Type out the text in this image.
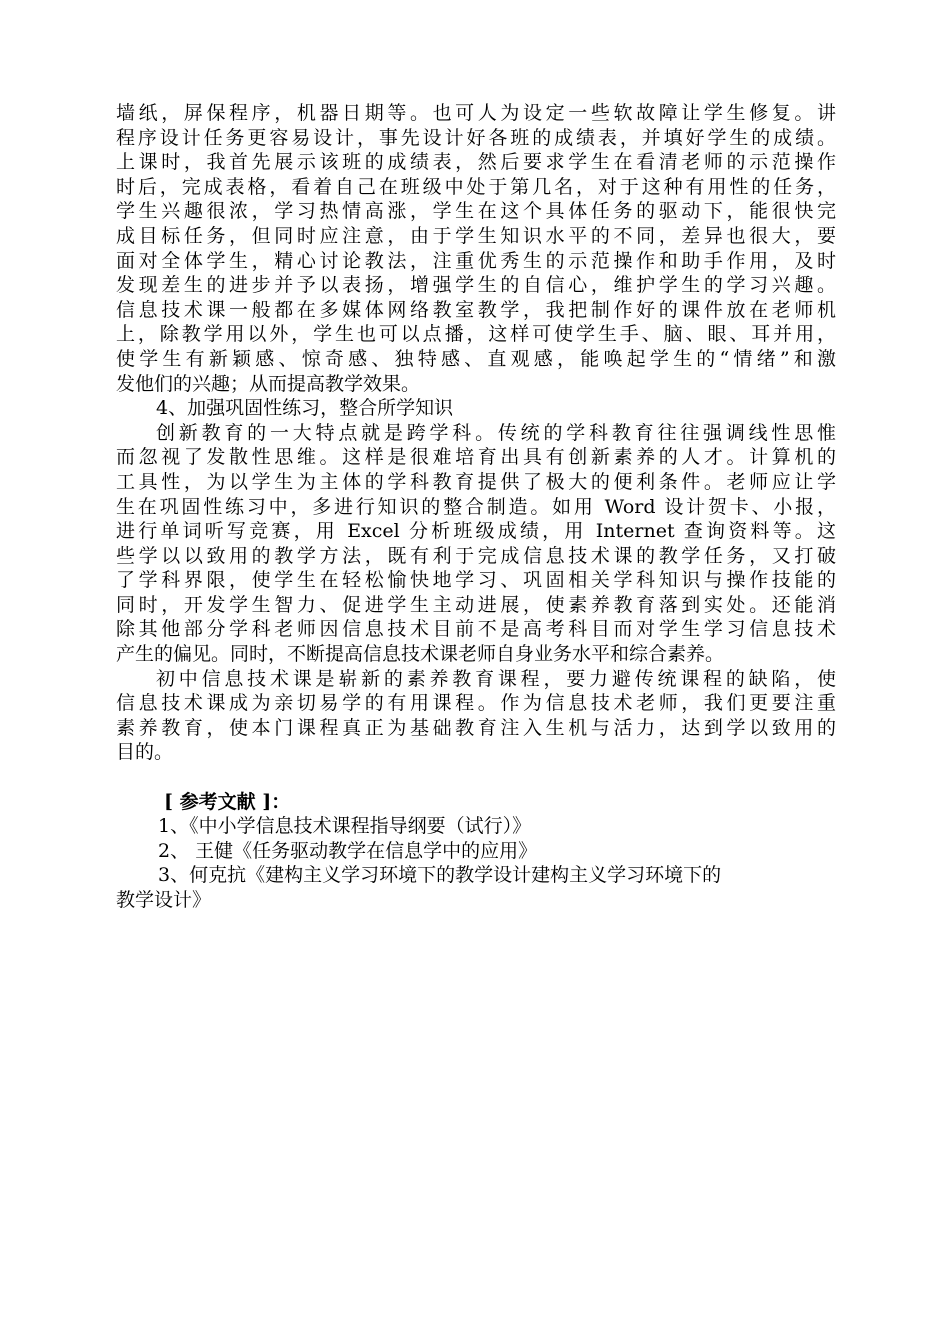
墙纸，屏保程序，机器日期等。也可人为设定一些软故障让学生修复。讲
程序设计任务更容易设计，事先设计好各班的成绩表，并填好学生的成绩。
上课时，我首先展示该班的成绩表，然后要求学生在看清老师的示范操作
时后，完成表格，看着自己在班级中处于第几名，对于这种有用性的任务，
学生兴趣很浓，学习热情高涨，学生在这个具体任务的驱动下，能很快完
成目标任务，但同时应注意，由于学生知识水平的不同，差异也很大，要
面对全体学生，精心讨论教法，注重优秀生的示范操作和助手作用，及时
发现差生的进步并予以表扬，增强学生的自信心，维护学生的学习兴趣。
信息技术课一般都在多媒体网络教室教学，我把制作好的课件放在老师机
上，除教学用以外，学生也可以点播，这样可使学生手、脑、眼、耳并用，
使学生有新颖感、惊奇感、独特感、直观感，能唤起学生的“情绪”和激
发他们的兴趣；从而提高教学效果。
4、加强巩固性练习，整合所学知识
创新教育的一大特点就是跨学科。传统的学科教育往往强调线性思惟
而忽视了发散性思维。这样是很难培育出具有创新素养的人才。计算机的
工具性，为以学生为主体的学科教育提供了极大的便利条件。老师应让学
生在巩固性练习中，多进行知识的整合制造。如用 Word 设计贺卡、小报，
进行单词听写竞赛，用 Excel 分析班级成绩，用 Internet 查询资料等。这
些学以以致用的教学方法，既有利于完成信息技术课的教学任务，又打破
了学科界限，使学生在轻松愉快地学习、巩固相关学科知识与操作技能的
同时，开发学生智力、促进学生主动进展，使素养教育落到实处。还能消
除其他部分学科老师因信息技术目前不是高考科目而对学生学习信息技术
产生的偏见。同时，不断提高信息技术课老师自身业务水平和综合素养。
初中信息技术课是崭新的素养教育课程，要力避传统课程的缺陷，使
信息技术课成为亲切易学的有用课程。作为信息技术老师，我们更要注重
素养教育，使本门课程真正为基础教育注入生机与活力，达到学以致用的
目的。
[ 参考文献 ]：
1、《中小学信息技术课程指导纲要（试行）》
2、 王健《任务驱动教学在信息学中的应用》
3、何克抗《建构主义学习环境下的教学设计建构主义学习环境下的
教学设计》
